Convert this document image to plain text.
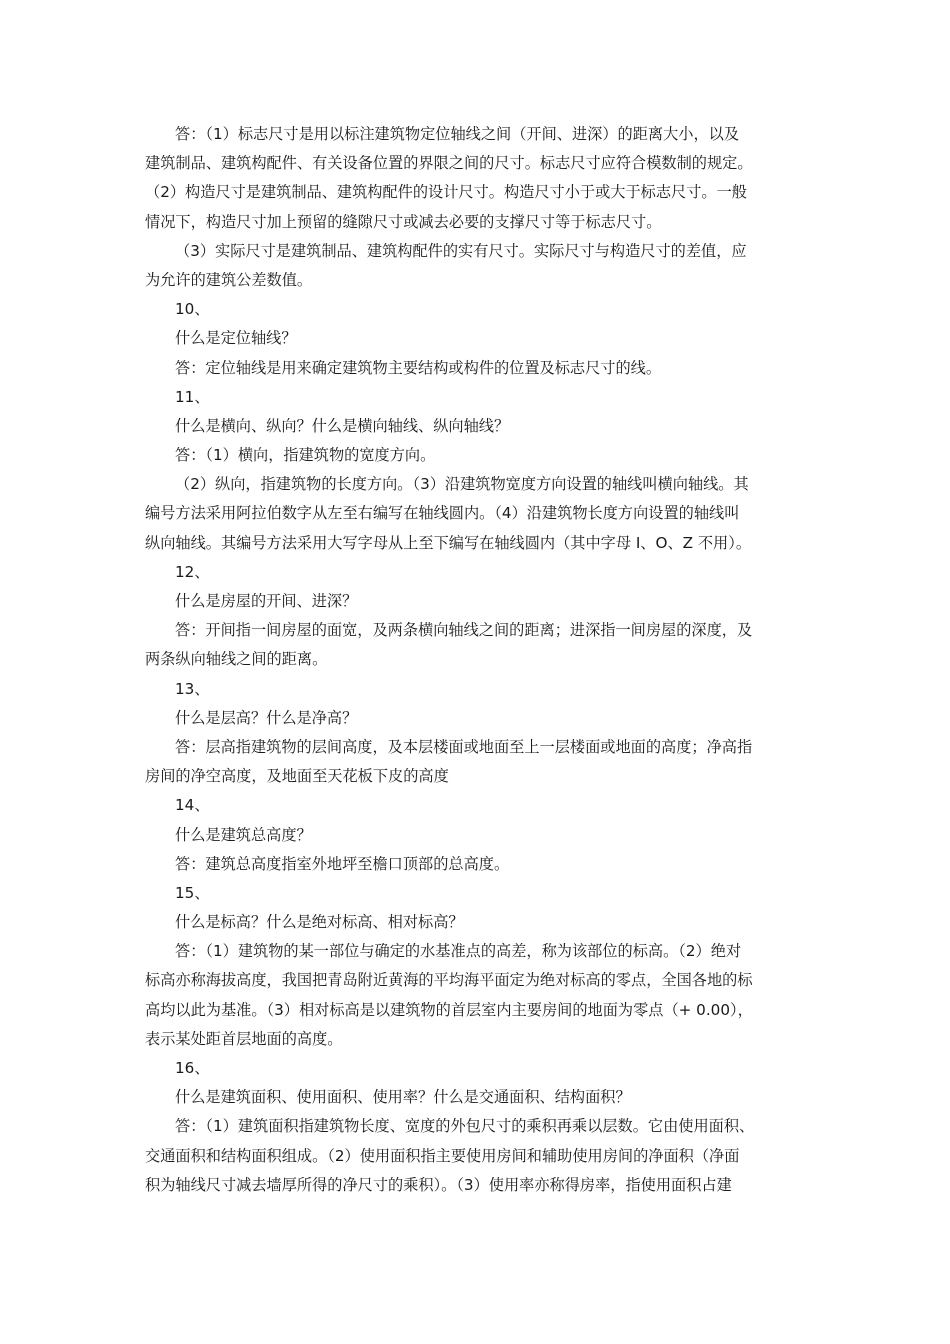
答：（1）标志尺寸是用以标注建筑物定位轴线之间（开间、进深）的距离大小，以及
建筑制品、建筑构配件、有关设备位置的界限之间的尺寸。标志尺寸应符合模数制的规定。
（2）构造尺寸是建筑制品、建筑构配件的设计尺寸。构造尺寸小于或大于标志尺寸。一般
情况下，构造尺寸加上预留的缝隙尺寸或减去必要的支撑尺寸等于标志尺寸。
（3）实际尺寸是建筑制品、建筑构配件的实有尺寸。实际尺寸与构造尺寸的差值，应
为允许的建筑公差数值。
10、
什么是定位轴线？
答：定位轴线是用来确定建筑物主要结构或构件的位置及标志尺寸的线。
11、
什么是横向、纵向？什么是横向轴线、纵向轴线？
答：（1）横向，指建筑物的宽度方向。
（2）纵向，指建筑物的长度方向。（3）沿建筑物宽度方向设置的轴线叫横向轴线。其
编号方法采用阿拉伯数字从左至右编写在轴线圆内。（4）沿建筑物长度方向设置的轴线叫
纵向轴线。其编号方法采用大写字母从上至下编写在轴线圆内（其中字母 I、O、Z 不用）。
12、
什么是房屋的开间、进深？
答：开间指一间房屋的面宽，及两条横向轴线之间的距离；进深指一间房屋的深度，及
两条纵向轴线之间的距离。
13、
什么是层高？什么是净高？
答：层高指建筑物的层间高度，及本层楼面或地面至上一层楼面或地面的高度；净高指
房间的净空高度，及地面至天花板下皮的高度
14、
什么是建筑总高度？
答：建筑总高度指室外地坪至檐口顶部的总高度。
15、
什么是标高？什么是绝对标高、相对标高？
答：（1）建筑物的某一部位与确定的水基准点的高差，称为该部位的标高。（2）绝对
标高亦称海拔高度，我国把青岛附近黄海的平均海平面定为绝对标高的零点，全国各地的标
高均以此为基准。（3）相对标高是以建筑物的首层室内主要房间的地面为零点（+ 0.00），
表示某处距首层地面的高度。
16、
什么是建筑面积、使用面积、使用率？什么是交通面积、结构面积？
答：（1）建筑面积指建筑物长度、宽度的外包尺寸的乘积再乘以层数。它由使用面积、
交通面积和结构面积组成。（2）使用面积指主要使用房间和辅助使用房间的净面积（净面
积为轴线尺寸减去墙厚所得的净尺寸的乘积）。（3）使用率亦称得房率，指使用面积占建
